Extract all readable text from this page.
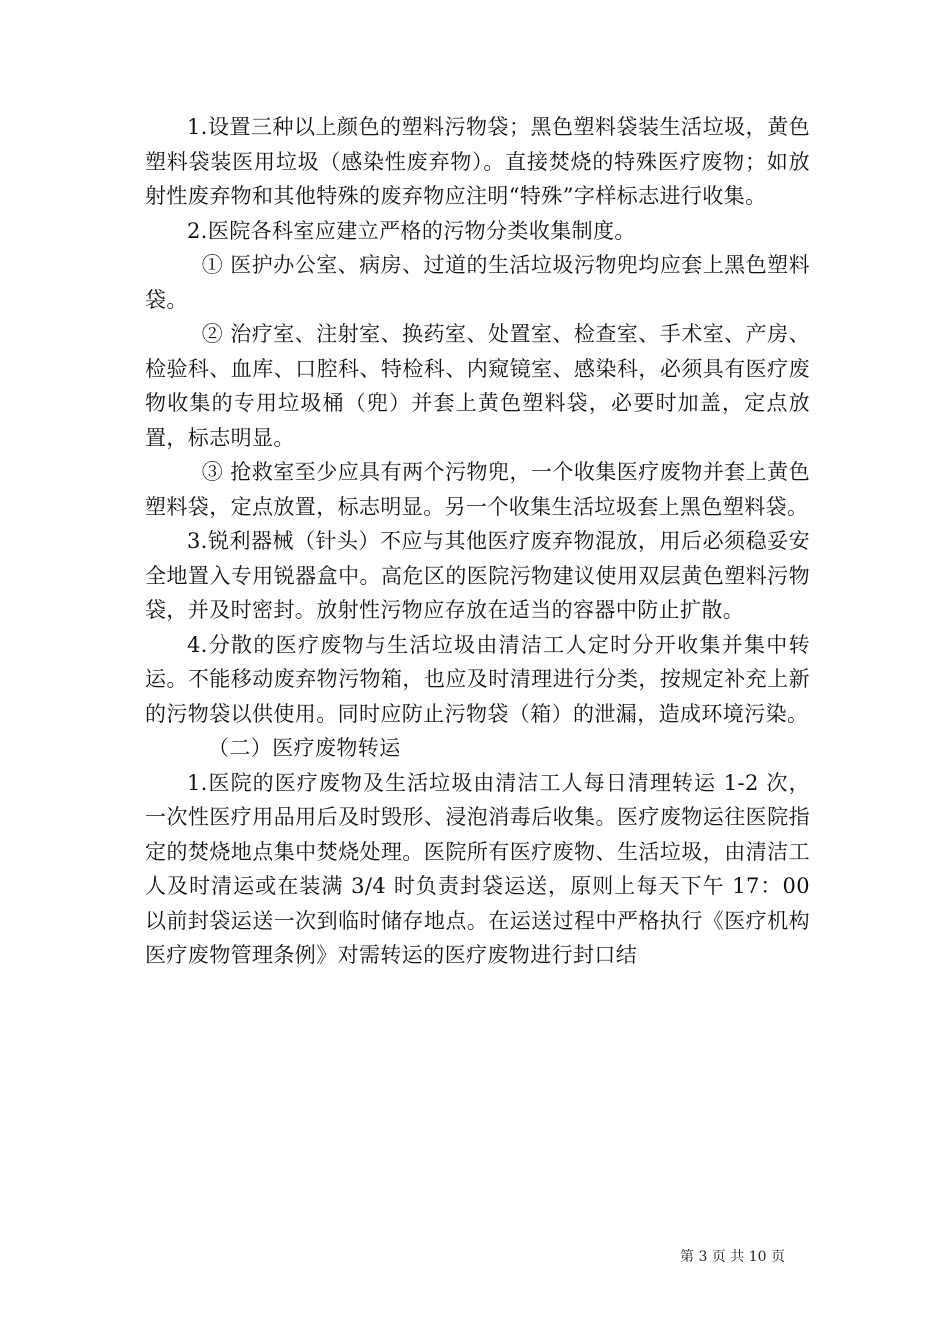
1.设置三种以上颜色的塑料污物袋；黑色塑料袋装生活垃圾，黄色塑料袋装医用垃圾（感染性废弃物）。直接焚烧的特殊医疗废物；如放射性废弃物和其他特殊的废弃物应注明“特殊”字样标志进行收集。

2.医院各科室应建立严格的污物分类收集制度。

① 医护办公室、病房、过道的生活垃圾污物兜均应套上黑色塑料袋。

② 治疗室、注射室、换药室、处置室、检查室、手术室、产房、检验科、血库、口腔科、特检科、内窥镜室、感染科，必须具有医疗废物收集的专用垃圾桶（兜）并套上黄色塑料袋，必要时加盖，定点放置，标志明显。

③ 抢救室至少应具有两个污物兜，一个收集医疗废物并套上黄色塑料袋，定点放置，标志明显。另一个收集生活垃圾套上黑色塑料袋。

3.锐利器械（针头）不应与其他医疗废弃物混放，用后必须稳妥安全地置入专用锐器盒中。高危区的医院污物建议使用双层黄色塑料污物袋，并及时密封。放射性污物应存放在适当的容器中防止扩散。

4.分散的医疗废物与生活垃圾由清洁工人定时分开收集并集中转运。不能移动废弃物污物箱，也应及时清理进行分类，按规定补充上新的污物袋以供使用。同时应防止污物袋（箱）的泄漏，造成环境污染。

（二）医疗废物转运

1.医院的医疗废物及生活垃圾由清洁工人每日清理转运 1-2 次，一次性医疗用品用后及时毁形、浸泡消毒后收集。医疗废物运往医院指定的焚烧地点集中焚烧处理。医院所有医疗废物、生活垃圾，由清洁工人及时清运或在装满 3/4 时负责封袋运送，原则上每天下午 17：00 以前封袋运送一次到临时储存地点。在运送过程中严格执行《医疗机构医疗废物管理条例》对需转运的医疗废物进行封口结

第 3 页 共 10 页
